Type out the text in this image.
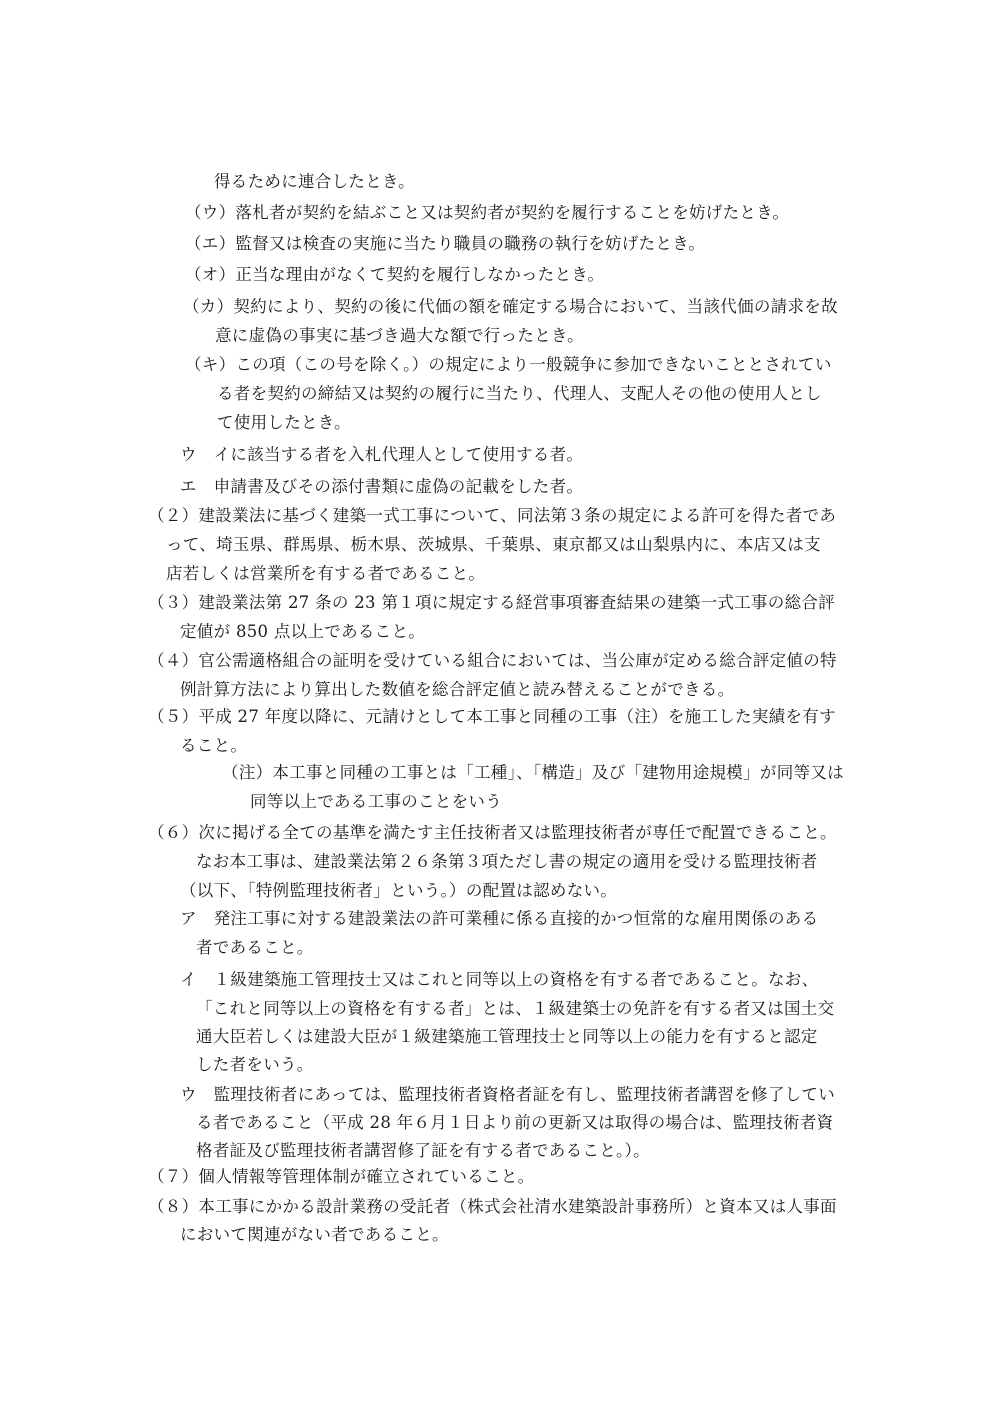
得るために連合したとき。
（ウ）落札者が契約を結ぶこと又は契約者が契約を履行することを妨げたとき。
（エ）監督又は検査の実施に当たり職員の職務の執行を妨げたとき。
（オ）正当な理由がなくて契約を履行しなかったとき。
（カ）契約により、契約の後に代価の額を確定する場合において、当該代価の請求を故
意に虚偽の事実に基づき過大な額で行ったとき。
（キ）この項（この号を除く。）の規定により一般競争に参加できないこととされてい
る者を契約の締結又は契約の履行に当たり、代理人、支配人その他の使用人とし
て使用したとき。
ウ　イに該当する者を入札代理人として使用する者。
エ　申請書及びその添付書類に虚偽の記載をした者。
（２）建設業法に基づく建築一式工事について、同法第３条の規定による許可を得た者であ
って、埼玉県、群馬県、栃木県、茨城県、千葉県、東京都又は山梨県内に、本店又は支
店若しくは営業所を有する者であること。
（３）建設業法第 27 条の 23 第１項に規定する経営事項審査結果の建築一式工事の総合評
定値が 850 点以上であること。
（４）官公需適格組合の証明を受けている組合においては、当公庫が定める総合評定値の特
例計算方法により算出した数値を総合評定値と読み替えることができる。
（５）平成 27 年度以降に、元請けとして本工事と同種の工事（注）を施工した実績を有す
ること。
（注）本工事と同種の工事とは「工種」、「構造」及び「建物用途規模」が同等又は
同等以上である工事のことをいう
（６）次に掲げる全ての基準を満たす主任技術者又は監理技術者が専任で配置できること。
なお本工事は、建設業法第２６条第３項ただし書の規定の適用を受ける監理技術者
（以下、「特例監理技術者」という。）の配置は認めない。
ア　発注工事に対する建設業法の許可業種に係る直接的かつ恒常的な雇用関係のある
者であること。
イ　１級建築施工管理技士又はこれと同等以上の資格を有する者であること。なお、
「これと同等以上の資格を有する者」とは、１級建築士の免許を有する者又は国土交
通大臣若しくは建設大臣が１級建築施工管理技士と同等以上の能力を有すると認定
した者をいう。
ウ　監理技術者にあっては、監理技術者資格者証を有し、監理技術者講習を修了してい
る者であること（平成 28 年６月１日より前の更新又は取得の場合は、監理技術者資
格者証及び監理技術者講習修了証を有する者であること。）。
（７）個人情報等管理体制が確立されていること。
（８）本工事にかかる設計業務の受託者（株式会社清水建築設計事務所）と資本又は人事面
において関連がない者であること。
